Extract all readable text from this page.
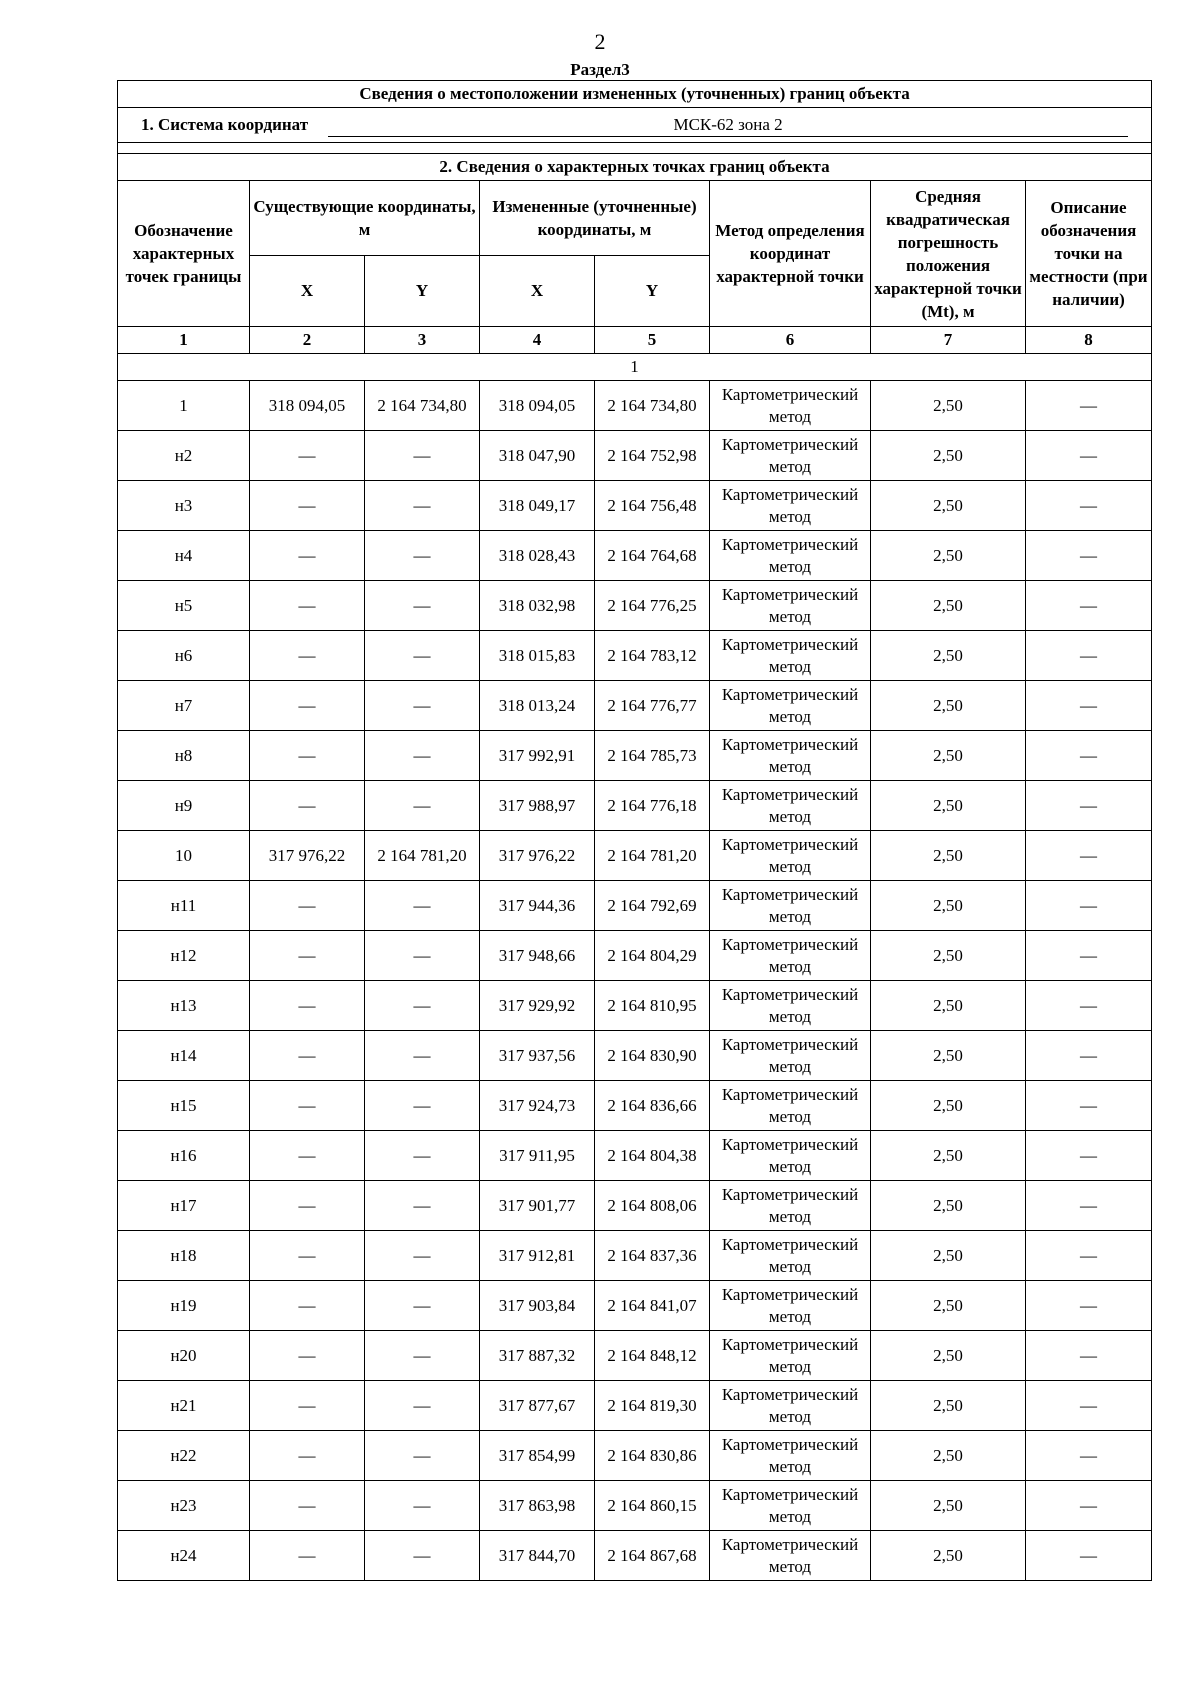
2
Раздел3
Сведения о местоположении измененных (уточненных) границ объекта							
1. Система координат МСК-62 зона 2							

2. Сведения о характерных точках границ объекта							
Обозначение характерных точек границы	Существующие координаты, м		Измененные (уточненные) координаты, м		Метод определения координат характерной точки	Средняя квадратическая погрешность положения характерной точки (Mt), м	Описание обозначения точки на местности (при наличии)
	X	Y	X	Y			
1	2	3	4	5	6	7	8
1							
1	318 094,05	2 164 734,80	318 094,05	2 164 734,80	Картометрический метод	2,50	—
н2	—	—	318 047,90	2 164 752,98	Картометрический метод	2,50	—
н3	—	—	318 049,17	2 164 756,48	Картометрический метод	2,50	—
н4	—	—	318 028,43	2 164 764,68	Картометрический метод	2,50	—
н5	—	—	318 032,98	2 164 776,25	Картометрический метод	2,50	—
н6	—	—	318 015,83	2 164 783,12	Картометрический метод	2,50	—
н7	—	—	318 013,24	2 164 776,77	Картометрический метод	2,50	—
н8	—	—	317 992,91	2 164 785,73	Картометрический метод	2,50	—
н9	—	—	317 988,97	2 164 776,18	Картометрический метод	2,50	—
10	317 976,22	2 164 781,20	317 976,22	2 164 781,20	Картометрический метод	2,50	—
н11	—	—	317 944,36	2 164 792,69	Картометрический метод	2,50	—
н12	—	—	317 948,66	2 164 804,29	Картометрический метод	2,50	—
н13	—	—	317 929,92	2 164 810,95	Картометрический метод	2,50	—
н14	—	—	317 937,56	2 164 830,90	Картометрический метод	2,50	—
н15	—	—	317 924,73	2 164 836,66	Картометрический метод	2,50	—
н16	—	—	317 911,95	2 164 804,38	Картометрический метод	2,50	—
н17	—	—	317 901,77	2 164 808,06	Картометрический метод	2,50	—
н18	—	—	317 912,81	2 164 837,36	Картометрический метод	2,50	—
н19	—	—	317 903,84	2 164 841,07	Картометрический метод	2,50	—
н20	—	—	317 887,32	2 164 848,12	Картометрический метод	2,50	—
н21	—	—	317 877,67	2 164 819,30	Картометрический метод	2,50	—
н22	—	—	317 854,99	2 164 830,86	Картометрический метод	2,50	—
н23	—	—	317 863,98	2 164 860,15	Картометрический метод	2,50	—
н24	—	—	317 844,70	2 164 867,68	Картометрический метод	2,50	—
